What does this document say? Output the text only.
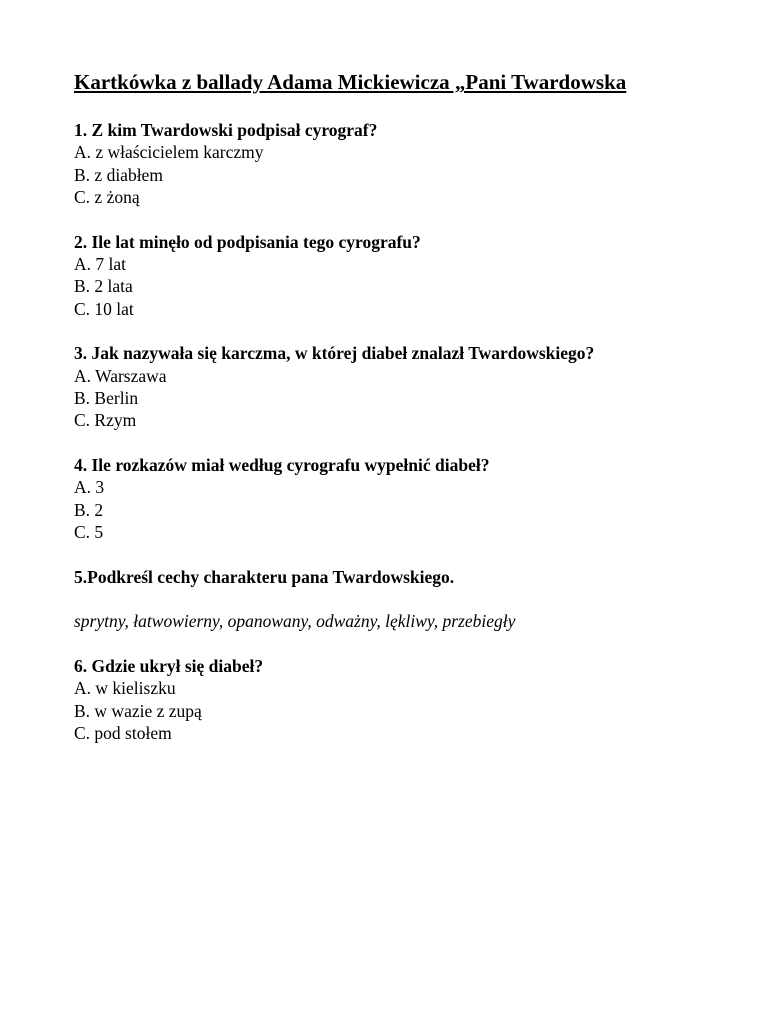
Kartkówka z ballady Adama Mickiewicza „Pani Twardowska

1. Z kim Twardowski podpisał cyrograf?

A. z właścicielem karczmy

B. z diabłem

C. z żoną

2. Ile lat minęło od podpisania tego cyrografu?

A. 7 lat

B. 2 lata

C. 10 lat

3. Jak nazywała się karczma, w której diabeł znalazł Twardowskiego?

A. Warszawa

B. Berlin

C. Rzym

4. Ile rozkazów miał według cyrografu wypełnić diabeł?

A. 3

B. 2

C. 5

5.Podkreśl cechy charakteru pana Twardowskiego.

sprytny, łatwowierny, opanowany, odważny, lękliwy, przebiegły

6. Gdzie ukrył się diabeł?

A. w kieliszku

B. w wazie z zupą

C. pod stołem
